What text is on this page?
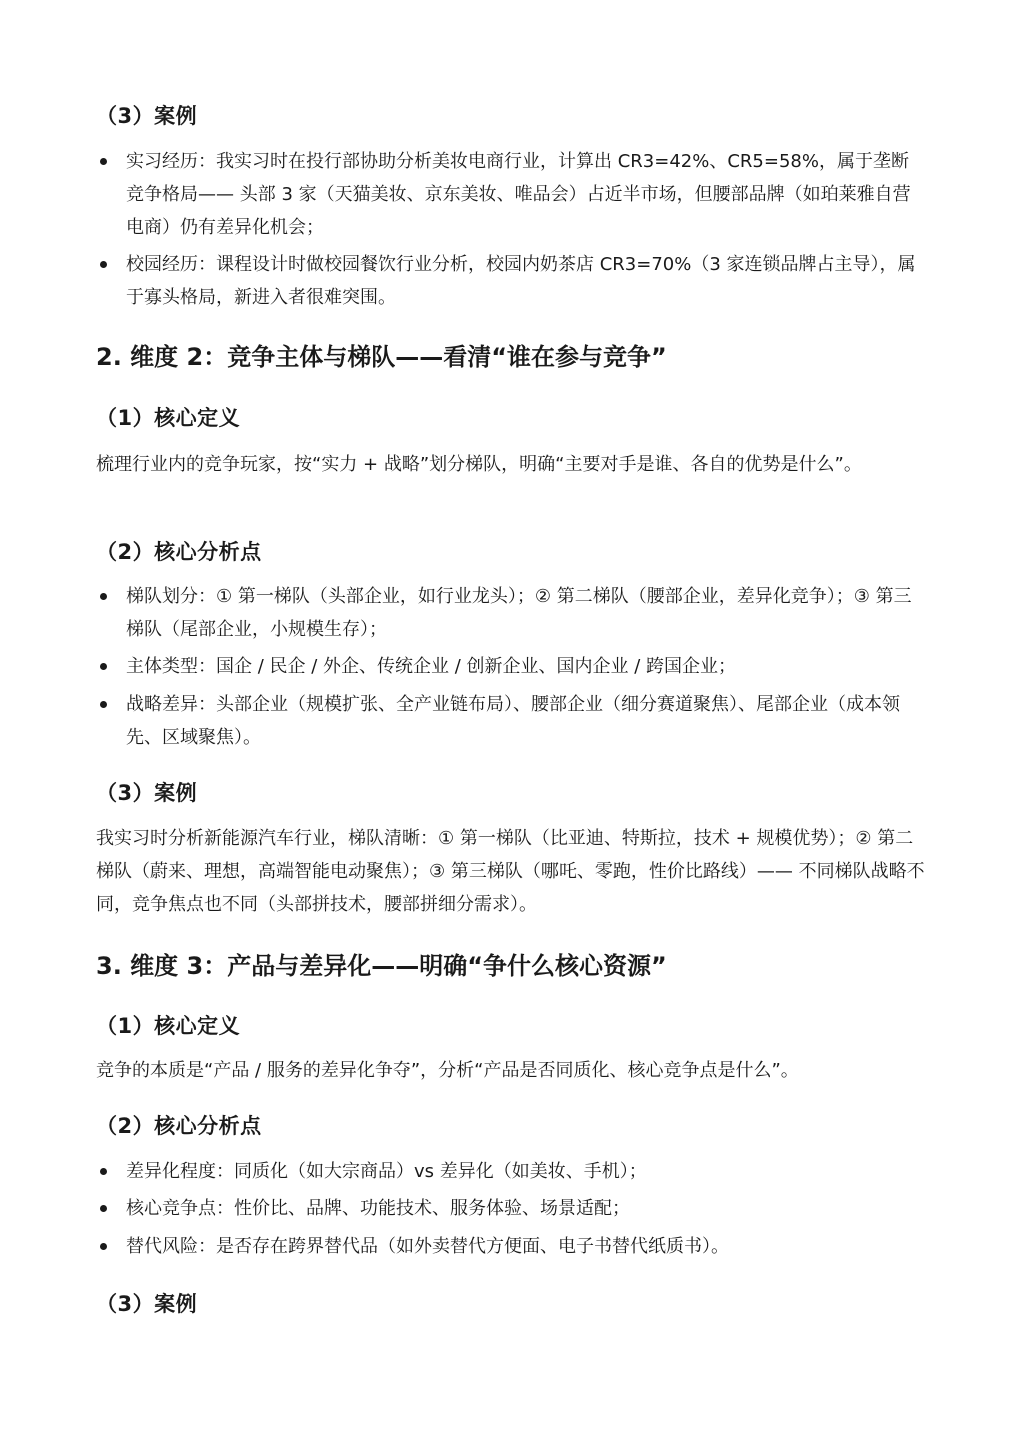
（3）案例
实习经历：我实习时在投行部协助分析美妆电商行业，计算出 CR3=42%、CR5=58%，属于垄断竞争格局—— 头部 3 家（天猫美妆、京东美妆、唯品会）占近半市场，但腰部品牌（如珀莱雅自营电商）仍有差异化机会；
校园经历：课程设计时做校园餐饮行业分析，校园内奶茶店 CR3=70%（3 家连锁品牌占主导），属于寡头格局，新进入者很难突围。
2. 维度 2：竞争主体与梯队——看清“谁在参与竞争”
（1）核心定义
梳理行业内的竞争玩家，按“实力 + 战略”划分梯队，明确“主要对手是谁、各自的优势是什么”。
（2）核心分析点
梯队划分：① 第一梯队（头部企业，如行业龙头）；② 第二梯队（腰部企业，差异化竞争）；③ 第三梯队（尾部企业，小规模生存）；
主体类型：国企 / 民企 / 外企、传统企业 / 创新企业、国内企业 / 跨国企业；
战略差异：头部企业（规模扩张、全产业链布局）、腰部企业（细分赛道聚焦）、尾部企业（成本领先、区域聚焦）。
（3）案例
我实习时分析新能源汽车行业，梯队清晰：① 第一梯队（比亚迪、特斯拉，技术 + 规模优势）；② 第二梯队（蔚来、理想，高端智能电动聚焦）；③ 第三梯队（哪吒、零跑，性价比路线）—— 不同梯队战略不同，竞争焦点也不同（头部拼技术，腰部拼细分需求）。
3. 维度 3：产品与差异化——明确“争什么核心资源”
（1）核心定义
竞争的本质是“产品 / 服务的差异化争夺”，分析“产品是否同质化、核心竞争点是什么”。
（2）核心分析点
差异化程度：同质化（如大宗商品）vs 差异化（如美妆、手机）；
核心竞争点：性价比、品牌、功能技术、服务体验、场景适配；
替代风险：是否存在跨界替代品（如外卖替代方便面、电子书替代纸质书）。
（3）案例
